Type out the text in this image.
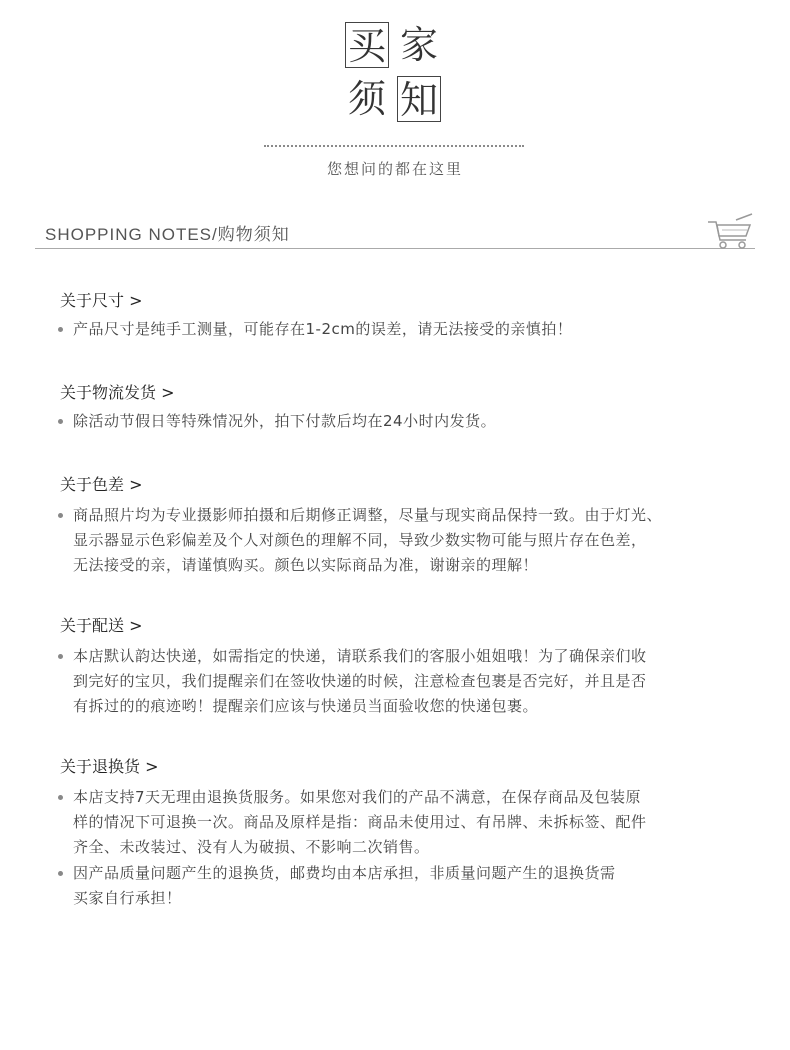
买 家
须 知
您想问的都在这里
SHOPPING NOTES/购物须知
关于尺寸 >
产品尺寸是纯手工测量，可能存在1-2cm的误差，请无法接受的亲慎拍！
关于物流发货 >
除活动节假日等特殊情况外，拍下付款后均在24小时内发货。
关于色差 >
商品照片均为专业摄影师拍摄和后期修正调整，尽量与现实商品保持一致。由于灯光、
显示器显示色彩偏差及个人对颜色的理解不同，导致少数实物可能与照片存在色差，
无法接受的亲，请谨慎购买。颜色以实际商品为准，谢谢亲的理解！
关于配送 >
本店默认韵达快递，如需指定的快递，请联系我们的客服小姐姐哦！为了确保亲们收
到完好的宝贝，我们提醒亲们在签收快递的时候，注意检查包裹是否完好，并且是否
有拆过的的痕迹哟！提醒亲们应该与快递员当面验收您的快递包裹。
关于退换货 >
本店支持7天无理由退换货服务。如果您对我们的产品不满意，在保存商品及包装原
样的情况下可退换一次。商品及原样是指：商品未使用过、有吊牌、未拆标签、配件
齐全、未改装过、没有人为破损、不影响二次销售。
因产品质量问题产生的退换货，邮费均由本店承担，非质量问题产生的退换货需
买家自行承担！
